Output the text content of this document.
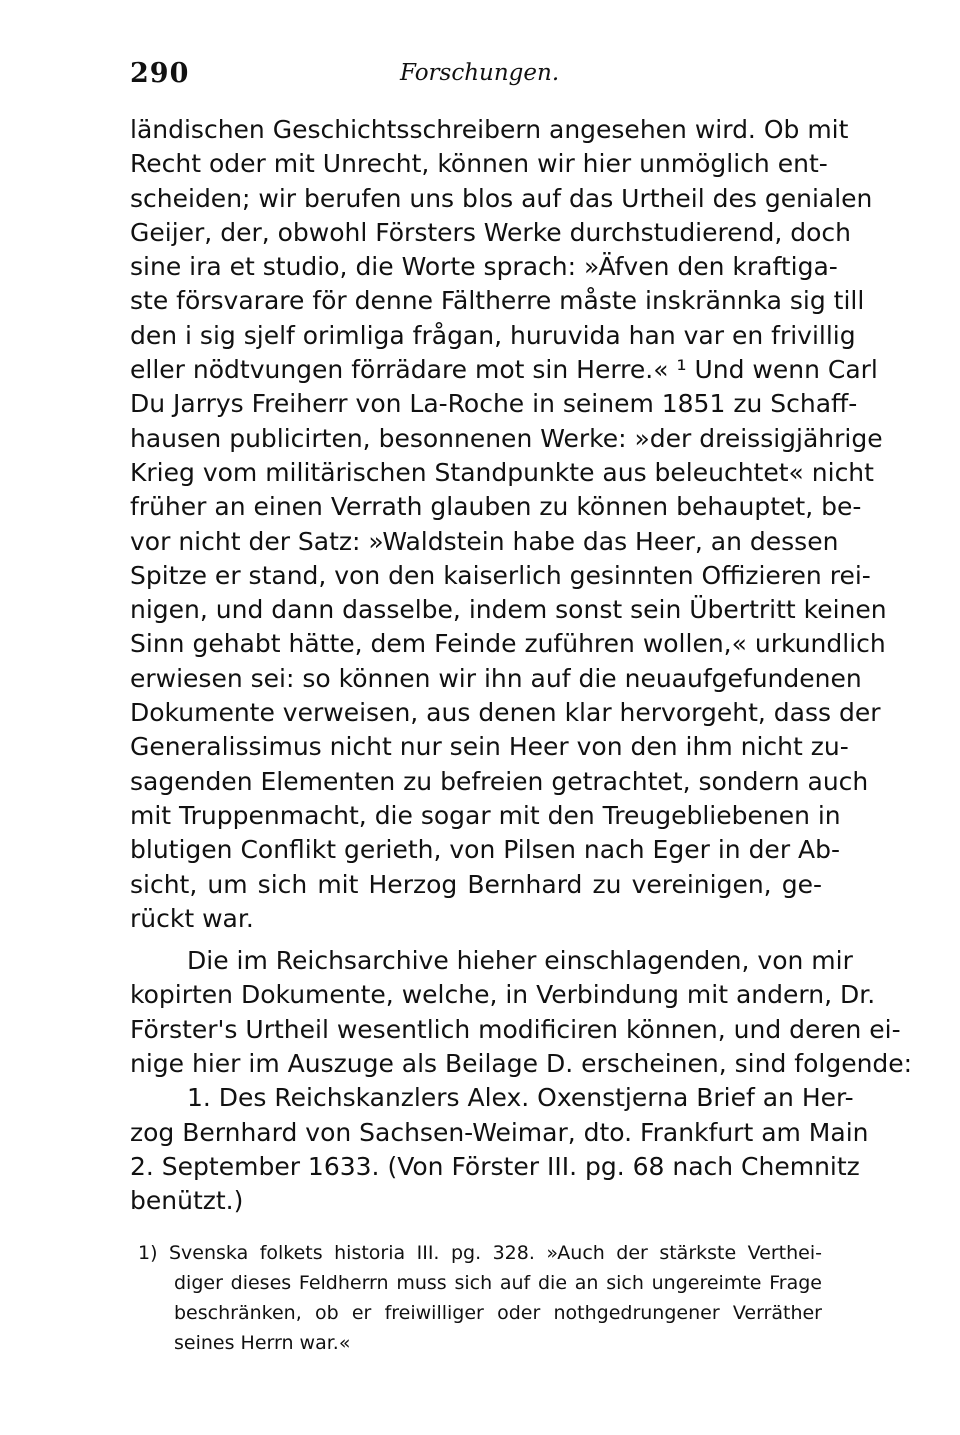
290	Forschungen.
ländischen Geschichtsschreibern angesehen wird. Ob mit
Recht oder mit Unrecht, können wir hier unmöglich ent-
scheiden; wir berufen uns blos auf das Urtheil des genialen
Geijer, der, obwohl Försters Werke durchstudierend, doch
sine ira et studio, die Worte sprach: »Äfven den kraftiga-
ste försvarare för denne Fältherre måste inskrännka sig till
den i sig sjelf orimliga frågan, huruvida han var en frivillig
eller nödtvungen förrädare mot sin Herre.« ¹ Und wenn Carl
Du Jarrys Freiherr von La-Roche in seinem 1851 zu Schaff-
hausen publicirten, besonnenen Werke: »der dreissigjährige
Krieg vom militärischen Standpunkte aus beleuchtet« nicht
früher an einen Verrath glauben zu können behauptet, be-
vor nicht der Satz: »Waldstein habe das Heer, an dessen
Spitze er stand, von den kaiserlich gesinnten Offizieren rei-
nigen, und dann dasselbe, indem sonst sein Übertritt keinen
Sinn gehabt hätte, dem Feinde zuführen wollen,« urkundlich
erwiesen sei: so können wir ihn auf die neuaufgefundenen
Dokumente verweisen, aus denen klar hervorgeht, dass der
Generalissimus nicht nur sein Heer von den ihm nicht zu-
sagenden Elementen zu befreien getrachtet, sondern auch
mit Truppenmacht, die sogar mit den Treugebliebenen in
blutigen Conflikt gerieth, von Pilsen nach Eger in der Ab-
sicht, um sich mit Herzog Bernhard zu vereinigen, ge-
rückt war.
Die im Reichsarchive hieher einschlagenden, von mir
kopirten Dokumente, welche, in Verbindung mit andern, Dr.
Förster's Urtheil wesentlich modificiren können, und deren ei-
nige hier im Auszuge als Beilage D. erscheinen, sind folgende:
1. Des Reichskanzlers Alex. Oxenstjerna Brief an Her-
zog Bernhard von Sachsen-Weimar, dto. Frankfurt am Main
2. September 1633. (Von Förster III. pg. 68 nach Chemnitz
benützt.)
1) Svenska folkets historia III. pg. 328. »Auch der stärkste Verthei-
diger dieses Feldherrn muss sich auf die an sich ungereimte Frage
beschränken, ob er freiwilliger oder nothgedrungener Verräther
seines Herrn war.«
